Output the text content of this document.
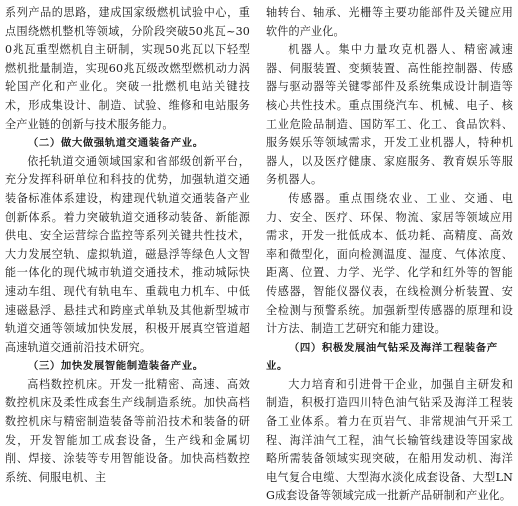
系列产品的思路，建成国家级燃机试验中心，重点围绕燃机整机等领域，分阶段突破50兆瓦~300兆瓦重型燃机自主研制，实现50兆瓦以下轻型燃机批量制造，实现60兆瓦级改燃型燃机动力涡轮国产化和产业化。突破一批燃机电站关键技术，形成集设计、制造、试验、维修和电站服务全产业链的创新与技术服务能力。

（二）做大做强轨道交通装备产业。

依托轨道交通领域国家和省部级创新平台，充分发挥科研单位和科技的优势，加强轨道交通装备标准体系建设，构建现代轨道交通装备产业创新体系。着力突破轨道交通移动装备、新能源供电、安全运营综合监控等系列关键共性技术，大力发展空轨、虚拟轨道，磁悬浮等绿色人文智能一体化的现代城市轨道交通技术，推动城际快速动车组、现代有轨电车、重载电力机车、中低速磁悬浮、悬挂式和跨座式单轨及其他新型城市轨道交通等领域加快发展，积极开展真空管道超高速轨道交通前沿技术研究。

（三）加快发展智能制造装备产业。

高档数控机床。开发一批精密、高速、高效数控机床及柔性成套生产线制造系统。加快高档数控机床与精密制造装备等前沿技术和装备的研发，开发智能加工成套设备，生产线和金属切削、焊接、涂装等专用智能设备。加快高档数控系统、伺服电机、主

轴转台、轴承、光栅等主要功能部件及关键应用软件的产业化。

机器人。集中力量攻克机器人、精密减速器、伺服装置、变频装置、高性能控制器、传感器与驱动器等关键零部件及系统集成设计制造等核心共性技术。重点围绕汽车、机械、电子、核工业危险品制造、国防军工、化工、食品饮料、服务娱乐等领域需求，开发工业机器人，特种机器人，以及医疗健康、家庭服务、教育娱乐等服务机器人。

传感器。重点围绕农业、工业、交通、电力、安全、医疗、环保、物流、家居等领域应用需求，开发一批低成本、低功耗、高精度、高效率和微型化，面向检测温度、湿度、气体浓度、距离、位置、力学、光学、化学和红外等的智能传感器，智能仪器仪表，在线检测分析装置、安全检测与预警系统。加强新型传感器的原理和设计方法、制造工艺研究和能力建设。

（四）积极发展油气钻采及海洋工程装备产业。

大力培育和引进骨干企业，加强自主研发和制造，积极打造四川特色油气钻采及海洋工程装备工业体系。着力在页岩气、非常规油气开采工程、海洋油气工程，油气长输管线建设等国家战略所需装备领域实现突破，在船用发动机、海洋电气复合电缆、大型海水淡化成套设备、大型LNG成套设备等领域完成一批新产品研制和产业化。
